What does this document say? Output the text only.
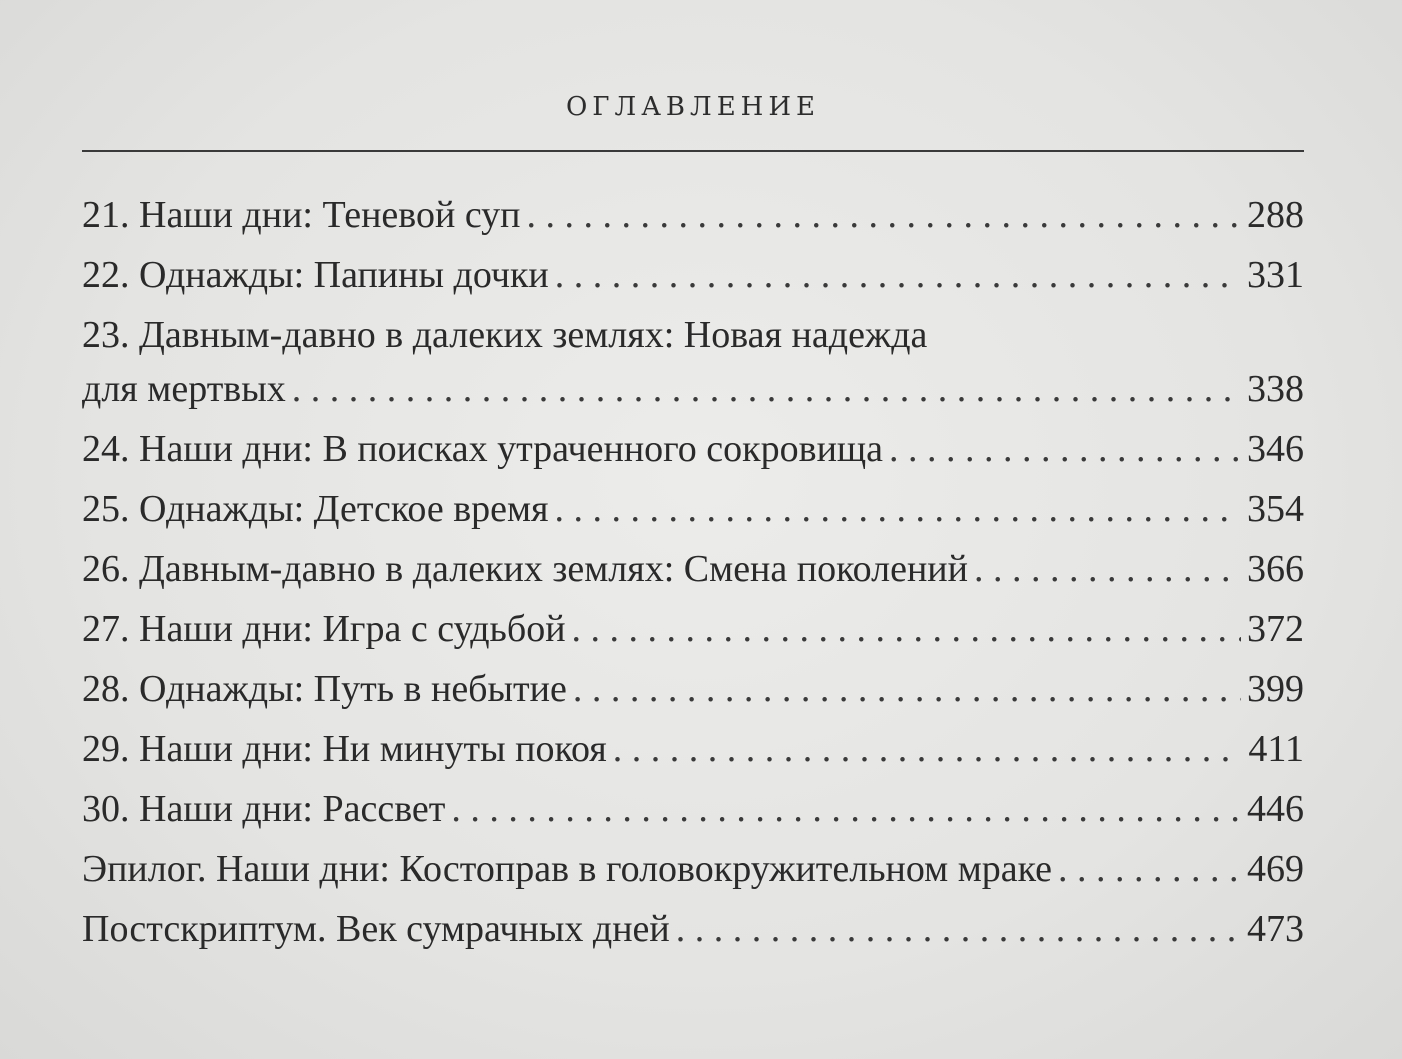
ОГЛАВЛЕНИЕ
21. Наши дни: Теневой суп . . .	288
22. Однажды: Папины дочки . . .	331
23. Давным-давно в далеких землях: Новая надежда
для мертвых . . .	338
24. Наши дни: В поисках утраченного сокровища . . .	346
25. Однажды: Детское время . . .	354
26. Давным-давно в далеких землях: Смена поколений . . .	366
27. Наши дни: Игра с судьбой . . .	372
28. Однажды: Путь в небытие . . .	399
29. Наши дни: Ни минуты покоя . . .	411
30. Наши дни: Рассвет . . .	446
Эпилог. Наши дни: Костоправ в головокружительном мраке . . .	469
Постскриптум. Век сумрачных дней . . .	473
